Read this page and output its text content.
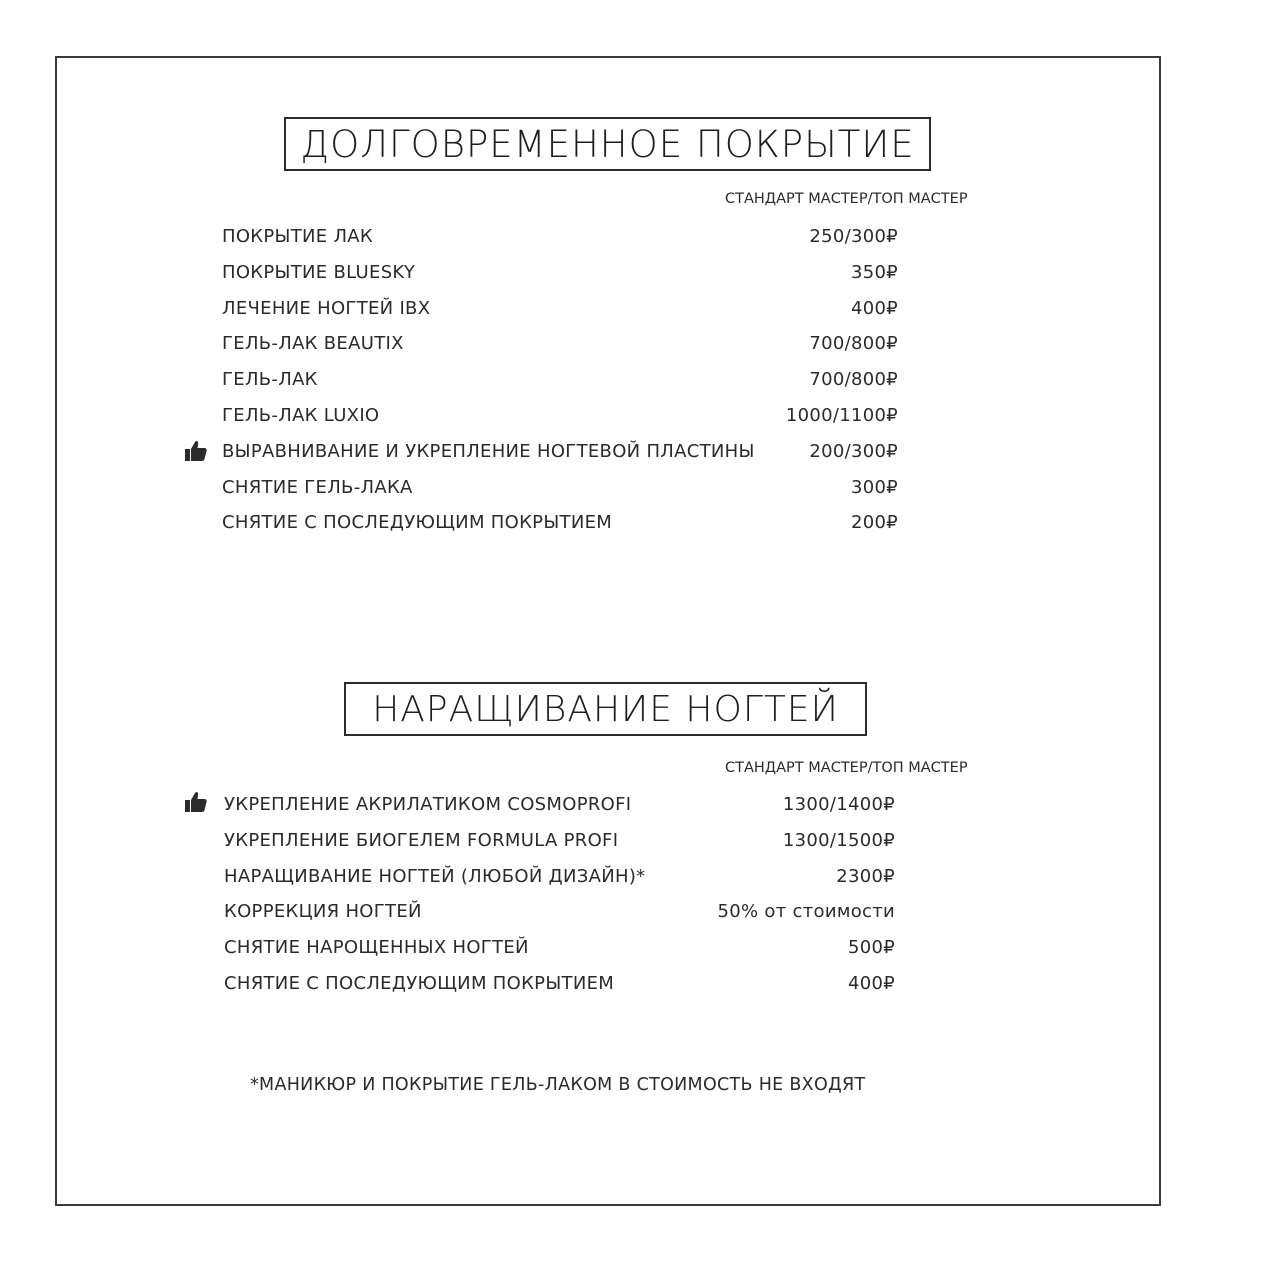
ДОЛГОВРЕМЕННОЕ ПОКРЫТИЕ
СТАНДАРТ МАСТЕР/ТОП МАСТЕР
ПОКРЫТИЕ ЛАК	250/300₽
ПОКРЫТИЕ BLUESKY	350₽
ЛЕЧЕНИЕ НОГТЕЙ IBX	400₽
ГЕЛЬ-ЛАК BEAUTIX	700/800₽
ГЕЛЬ-ЛАК	700/800₽
ГЕЛЬ-ЛАК LUXIO	1000/1100₽
ВЫРАВНИВАНИЕ И УКРЕПЛЕНИЕ НОГТЕВОЙ ПЛАСТИНЫ	200/300₽
СНЯТИЕ ГЕЛЬ-ЛАКА	300₽
СНЯТИЕ С ПОСЛЕДУЮЩИМ ПОКРЫТИЕМ	200₽
НАРАЩИВАНИЕ НОГТЕЙ
СТАНДАРТ МАСТЕР/ТОП МАСТЕР
УКРЕПЛЕНИЕ АКРИЛАТИКОМ COSMOPROFI	1300/1400₽
УКРЕПЛЕНИЕ БИОГЕЛЕМ FORMULA PROFI	1300/1500₽
НАРАЩИВАНИЕ НОГТЕЙ (ЛЮБОЙ ДИЗАЙН)*	2300₽
КОРРЕКЦИЯ НОГТЕЙ	50% от стоимости
СНЯТИЕ НАРОЩЕННЫХ НОГТЕЙ	500₽
СНЯТИЕ С ПОСЛЕДУЮЩИМ ПОКРЫТИЕМ	400₽
*МАНИКЮР И ПОКРЫТИЕ ГЕЛЬ-ЛАКОМ В СТОИМОСТЬ НЕ ВХОДЯТ
